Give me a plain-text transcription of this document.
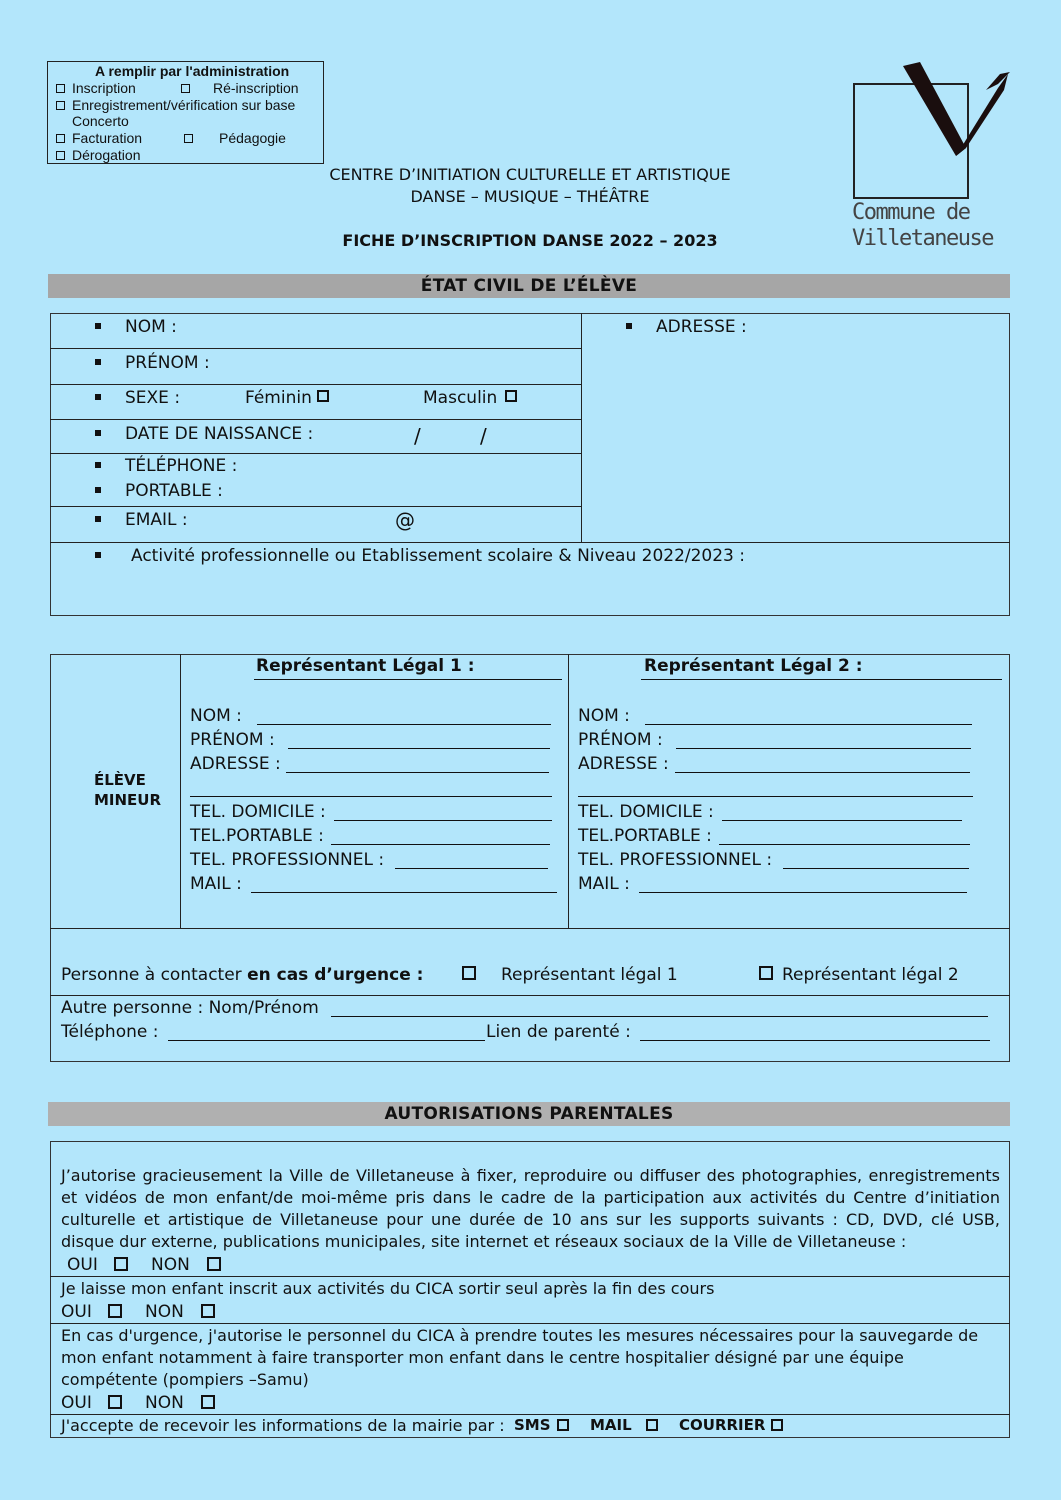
A remplir par l'administration
Inscription	Ré-inscription
Enregistrement/vérification sur base
Concerto
Facturation	Pédagogie
Dérogation
CENTRE D’INITIATION CULTURELLE ET ARTISTIQUE
DANSE – MUSIQUE – THÉÂTRE
FICHE D’INSCRIPTION DANSE 2022 – 2023
Commune de
Villetaneuse
ÉTAT CIVIL DE L’ÉLÈVE
NOM :
PRÉNOM :
SEXE :	Féminin	Masculin
DATE DE NAISSANCE :	/	/
TÉLÉPHONE :
PORTABLE :
EMAIL :	@
ADRESSE :
Activité professionnelle ou Etablissement scolaire & Niveau 2022/2023 :
ÉLÈVE
MINEUR
Représentant Légal 1 :
NOM :
PRÉNOM :
ADRESSE :
TEL. DOMICILE :
TEL.PORTABLE :
TEL. PROFESSIONNEL :
MAIL :
Représentant Légal 2 :
NOM :
PRÉNOM :
ADRESSE :
TEL. DOMICILE :
TEL.PORTABLE :
TEL. PROFESSIONNEL :
MAIL :
Personne à contacter en cas d’urgence :	Représentant légal 1	Représentant légal 2
Autre personne : Nom/Prénom
Téléphone :	Lien de parenté :
AUTORISATIONS PARENTALES
J’autorise gracieusement la Ville de Villetaneuse à fixer, reproduire ou diffuser des photographies, enregistrements et vidéos de mon enfant/de moi-même pris dans le cadre de la participation aux activités du Centre d’initiation culturelle et artistique de Villetaneuse pour une durée de 10 ans sur les supports suivants : CD, DVD, clé USB, disque dur externe, publications municipales, site internet et réseaux sociaux de la Ville de Villetaneuse :
OUI	NON
Je laisse mon enfant inscrit aux activités du CICA sortir seul après la fin des cours
OUI	NON
En cas d'urgence, j'autorise le personnel du CICA à prendre toutes les mesures nécessaires pour la sauvegarde de mon enfant notamment à faire transporter mon enfant dans le centre hospitalier désigné par une équipe compétente (pompiers –Samu)
OUI	NON
J'accepte de recevoir les informations de la mairie par : SMS	MAIL	COURRIER
